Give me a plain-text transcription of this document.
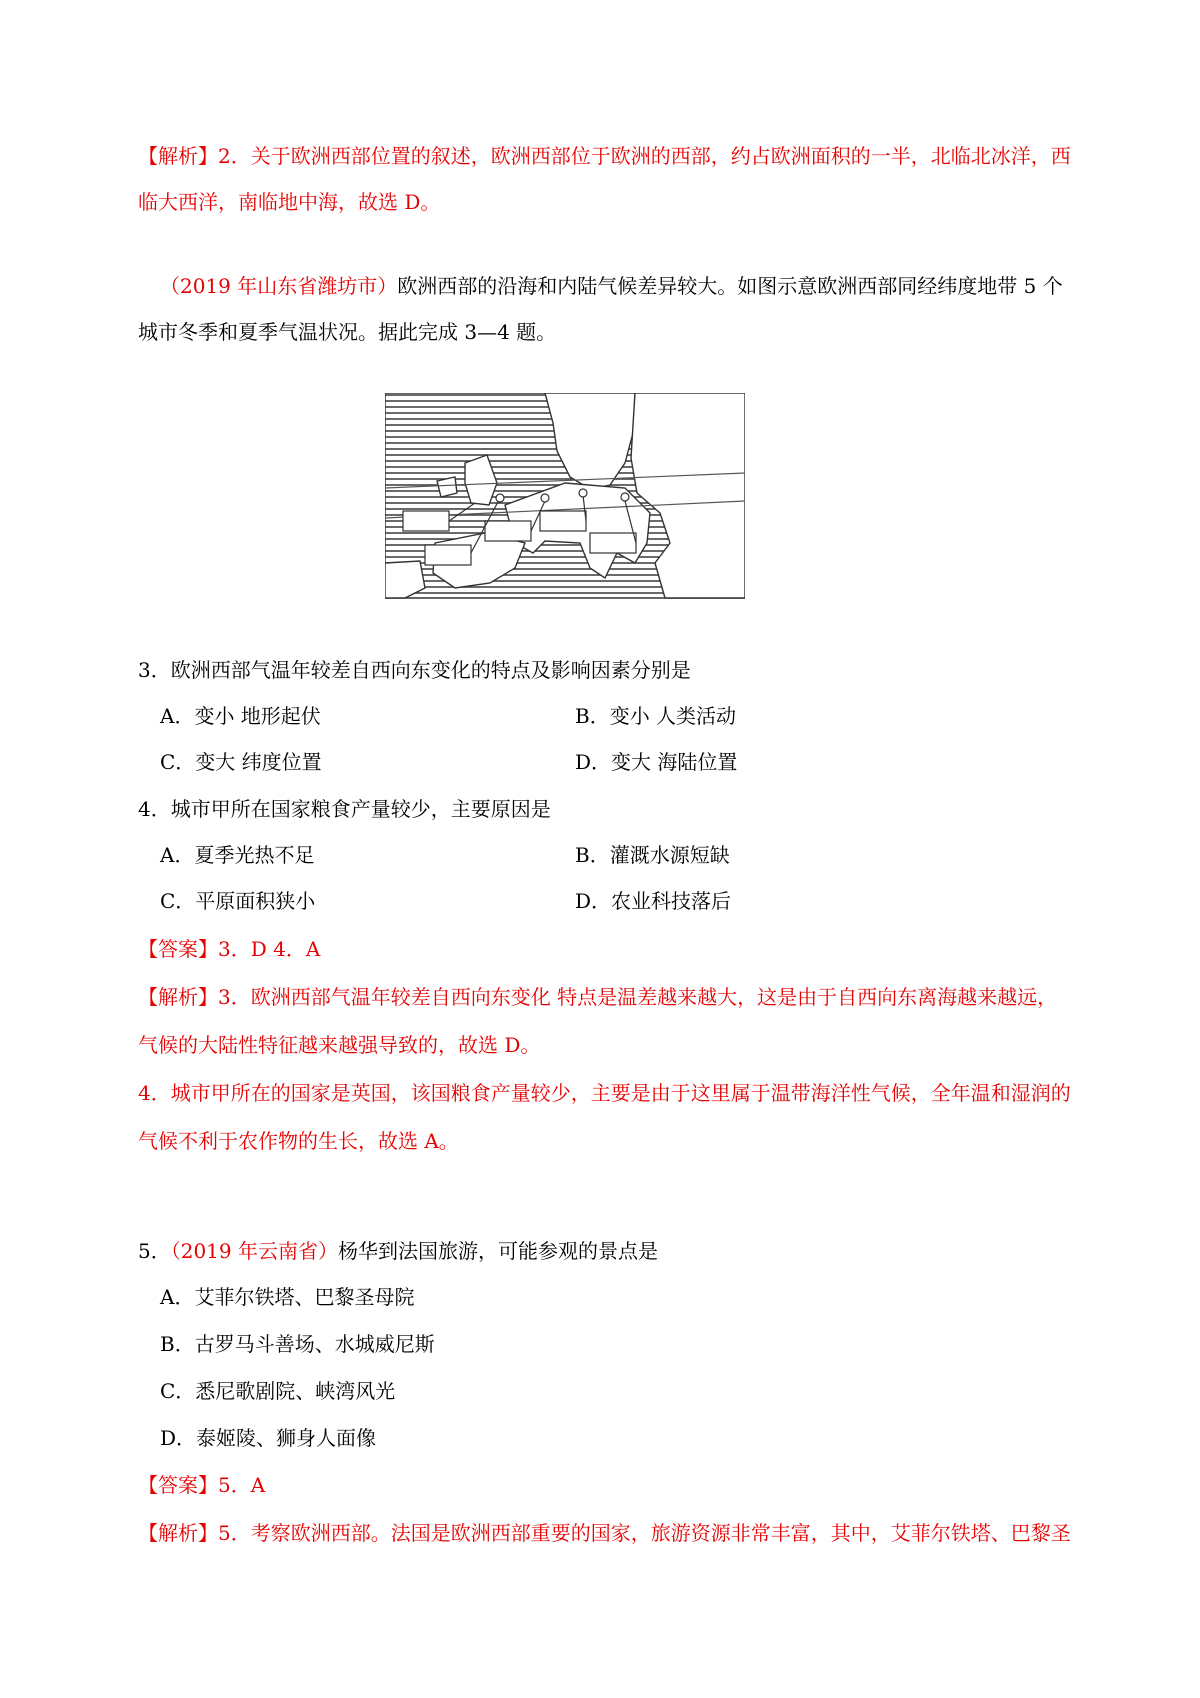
【解析】2．关于欧洲西部位置的叙述，欧洲西部位于欧洲的西部，约占欧洲面积的一半，北临北冰洋，西
临大西洋，南临地中海，故选 D。
（2019 年山东省潍坊市）欧洲西部的沿海和内陆气候差异较大。如图示意欧洲西部同经纬度地带 5 个
城市冬季和夏季气温状况。据此完成 3—4 题。
3．欧洲西部气温年较差自西向东变化的特点及影响因素分别是
A．变小 地形起伏	B．变小 人类活动
C．变大 纬度位置	D．变大 海陆位置
4．城市甲所在国家粮食产量较少，主要原因是
A．夏季光热不足	B．灌溉水源短缺
C．平原面积狭小	D．农业科技落后
【答案】3．D 4．A
【解析】3．欧洲西部气温年较差自西向东变化 特点是温差越来越大，这是由于自西向东离海越来越远，
气候的大陆性特征越来越强导致的，故选 D。
4．城市甲所在的国家是英国，该国粮食产量较少，主要是由于这里属于温带海洋性气候，全年温和湿润的
气候不利于农作物的生长，故选 A。
5．（2019 年云南省）杨华到法国旅游，可能参观的景点是
A．艾菲尔铁塔、巴黎圣母院
B．古罗马斗善场、水城威尼斯
C．悉尼歌剧院、峡湾风光
D．泰姬陵、狮身人面像
【答案】5．A
【解析】5．考察欧洲西部。法国是欧洲西部重要的国家，旅游资源非常丰富，其中，艾菲尔铁塔、巴黎圣
